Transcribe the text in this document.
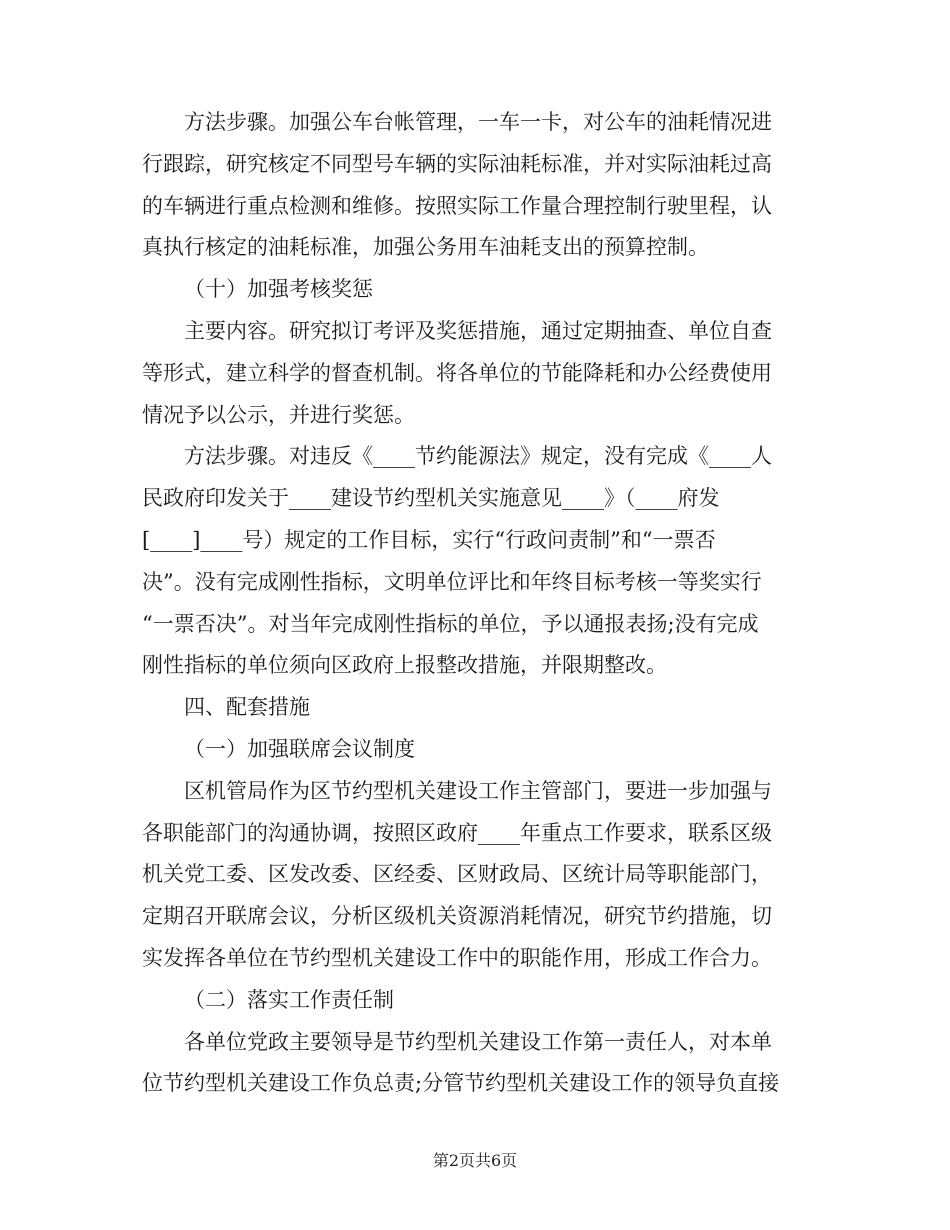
方法步骤。加强公车台帐管理，一车一卡，对公车的油耗情况进

行跟踪，研究核定不同型号车辆的实际油耗标准，并对实际油耗过高

的车辆进行重点检测和维修。按照实际工作量合理控制行驶里程，认

真执行核定的油耗标准，加强公务用车油耗支出的预算控制。

（十）加强考核奖惩

主要内容。研究拟订考评及奖惩措施，通过定期抽查、单位自查

等形式，建立科学的督查机制。将各单位的节能降耗和办公经费使用

情况予以公示，并进行奖惩。

方法步骤。对违反《____节约能源法》规定，没有完成《____人

民政府印发关于____建设节约型机关实施意见____》（____府发

[____]____号）规定的工作目标，实行“行政问责制”和“一票否

决”。没有完成刚性指标，文明单位评比和年终目标考核一等奖实行

“一票否决”。对当年完成刚性指标的单位，予以通报表扬;没有完成

刚性指标的单位须向区政府上报整改措施，并限期整改。

四、配套措施

（一）加强联席会议制度

区机管局作为区节约型机关建设工作主管部门，要进一步加强与

各职能部门的沟通协调，按照区政府____年重点工作要求，联系区级

机关党工委、区发改委、区经委、区财政局、区统计局等职能部门，

定期召开联席会议，分析区级机关资源消耗情况，研究节约措施，切

实发挥各单位在节约型机关建设工作中的职能作用，形成工作合力。

（二）落实工作责任制

各单位党政主要领导是节约型机关建设工作第一责任人，对本单

位节约型机关建设工作负总责;分管节约型机关建设工作的领导负直接

第2页共6页
